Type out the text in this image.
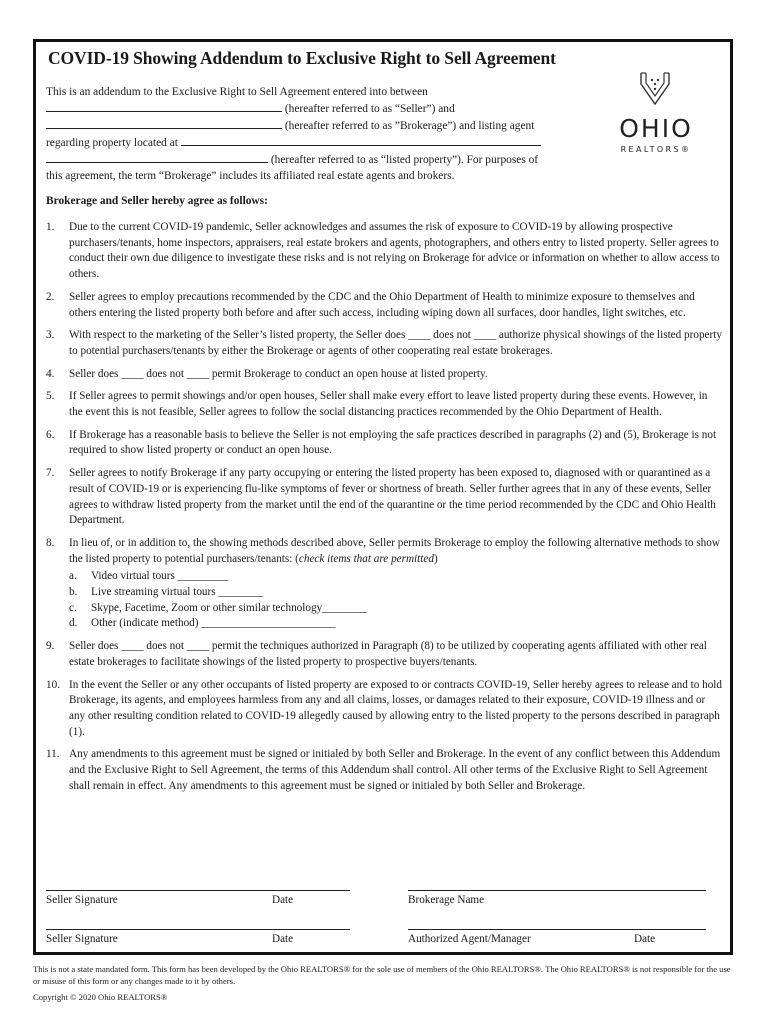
COVID-19 Showing Addendum to Exclusive Right to Sell Agreement
This is an addendum to the Exclusive Right to Sell Agreement entered into between
(hereafter referred to as “Seller”) and
(hereafter referred to as ”Brokerage”) and listing agent
regarding property located at
(hereafter referred to as “listed property”). For purposes of
this agreement, the term “Brokerage” includes its affiliated real estate agents and brokers.
OHIO
REALTORS®
Brokerage and Seller hereby agree as follows:
1. Due to the current COVID-19 pandemic, Seller acknowledges and assumes the risk of exposure to COVID-19 by allowing prospective purchasers/tenants, home inspectors, appraisers, real estate brokers and agents, photographers, and others entry to listed property. Seller agrees to conduct their own due diligence to investigate these risks and is not relying on Brokerage for advice or information on whether to allow access to others.
2. Seller agrees to employ precautions recommended by the CDC and the Ohio Department of Health to minimize exposure to themselves and others entering the listed property both before and after such access, including wiping down all surfaces, door handles, light switches, etc.
3. With respect to the marketing of the Seller’s listed property, the Seller does ____ does not ____ authorize physical showings of the listed property to potential purchasers/tenants by either the Brokerage or agents of other cooperating real estate brokerages.
4. Seller does ____ does not ____ permit Brokerage to conduct an open house at listed property.
5. If Seller agrees to permit showings and/or open houses, Seller shall make every effort to leave listed property during these events. However, in the event this is not feasible, Seller agrees to follow the social distancing practices recommended by the Ohio Department of Health.
6. If Brokerage has a reasonable basis to believe the Seller is not employing the safe practices described in paragraphs (2) and (5), Brokerage is not required to show listed property or conduct an open house.
7. Seller agrees to notify Brokerage if any party occupying or entering the listed property has been exposed to, diagnosed with or quarantined as a result of COVID-19 or is experiencing flu-like symptoms of fever or shortness of breath. Seller further agrees that in any of these events, Seller agrees to withdraw listed property from the market until the end of the quarantine or the time period recommended by the CDC and Ohio Health Department.
8. In lieu of, or in addition to, the showing methods described above, Seller permits Brokerage to employ the following alternative methods to show the listed property to potential purchasers/tenants: (check items that are permitted)
a. Video virtual tours _________
b. Live streaming virtual tours ________
c. Skype, Facetime, Zoom or other similar technology________
d. Other (indicate method) ________________________
9. Seller does ____ does not ____ permit the techniques authorized in Paragraph (8) to be utilized by cooperating agents affiliated with other real estate brokerages to facilitate showings of the listed property to prospective buyers/tenants.
10. In the event the Seller or any other occupants of listed property are exposed to or contracts COVID-19, Seller hereby agrees to release and to hold Brokerage, its agents, and employees harmless from any and all claims, losses, or damages related to their exposure, COVID-19 illness and or any other resulting condition related to COVID-19 allegedly caused by allowing entry to the listed property to the persons described in paragraph (1).
11. Any amendments to this agreement must be signed or initialed by both Seller and Brokerage. In the event of any conflict between this Addendum and the Exclusive Right to Sell Agreement, the terms of this Addendum shall control. All other terms of the Exclusive Right to Sell Agreement shall remain in effect. Any amendments to this agreement must be signed or initialed by both Seller and Brokerage.
Seller Signature	Date	Brokerage Name
Seller Signature	Date	Authorized Agent/Manager	Date
This is not a state mandated form. This form has been developed by the Ohio REALTORS® for the sole use of members of the Ohio REALTORS®. The Ohio REALTORS® is not responsible for the use or misuse of this form or any changes made to it by others.
Copyright © 2020 Ohio REALTORS®
